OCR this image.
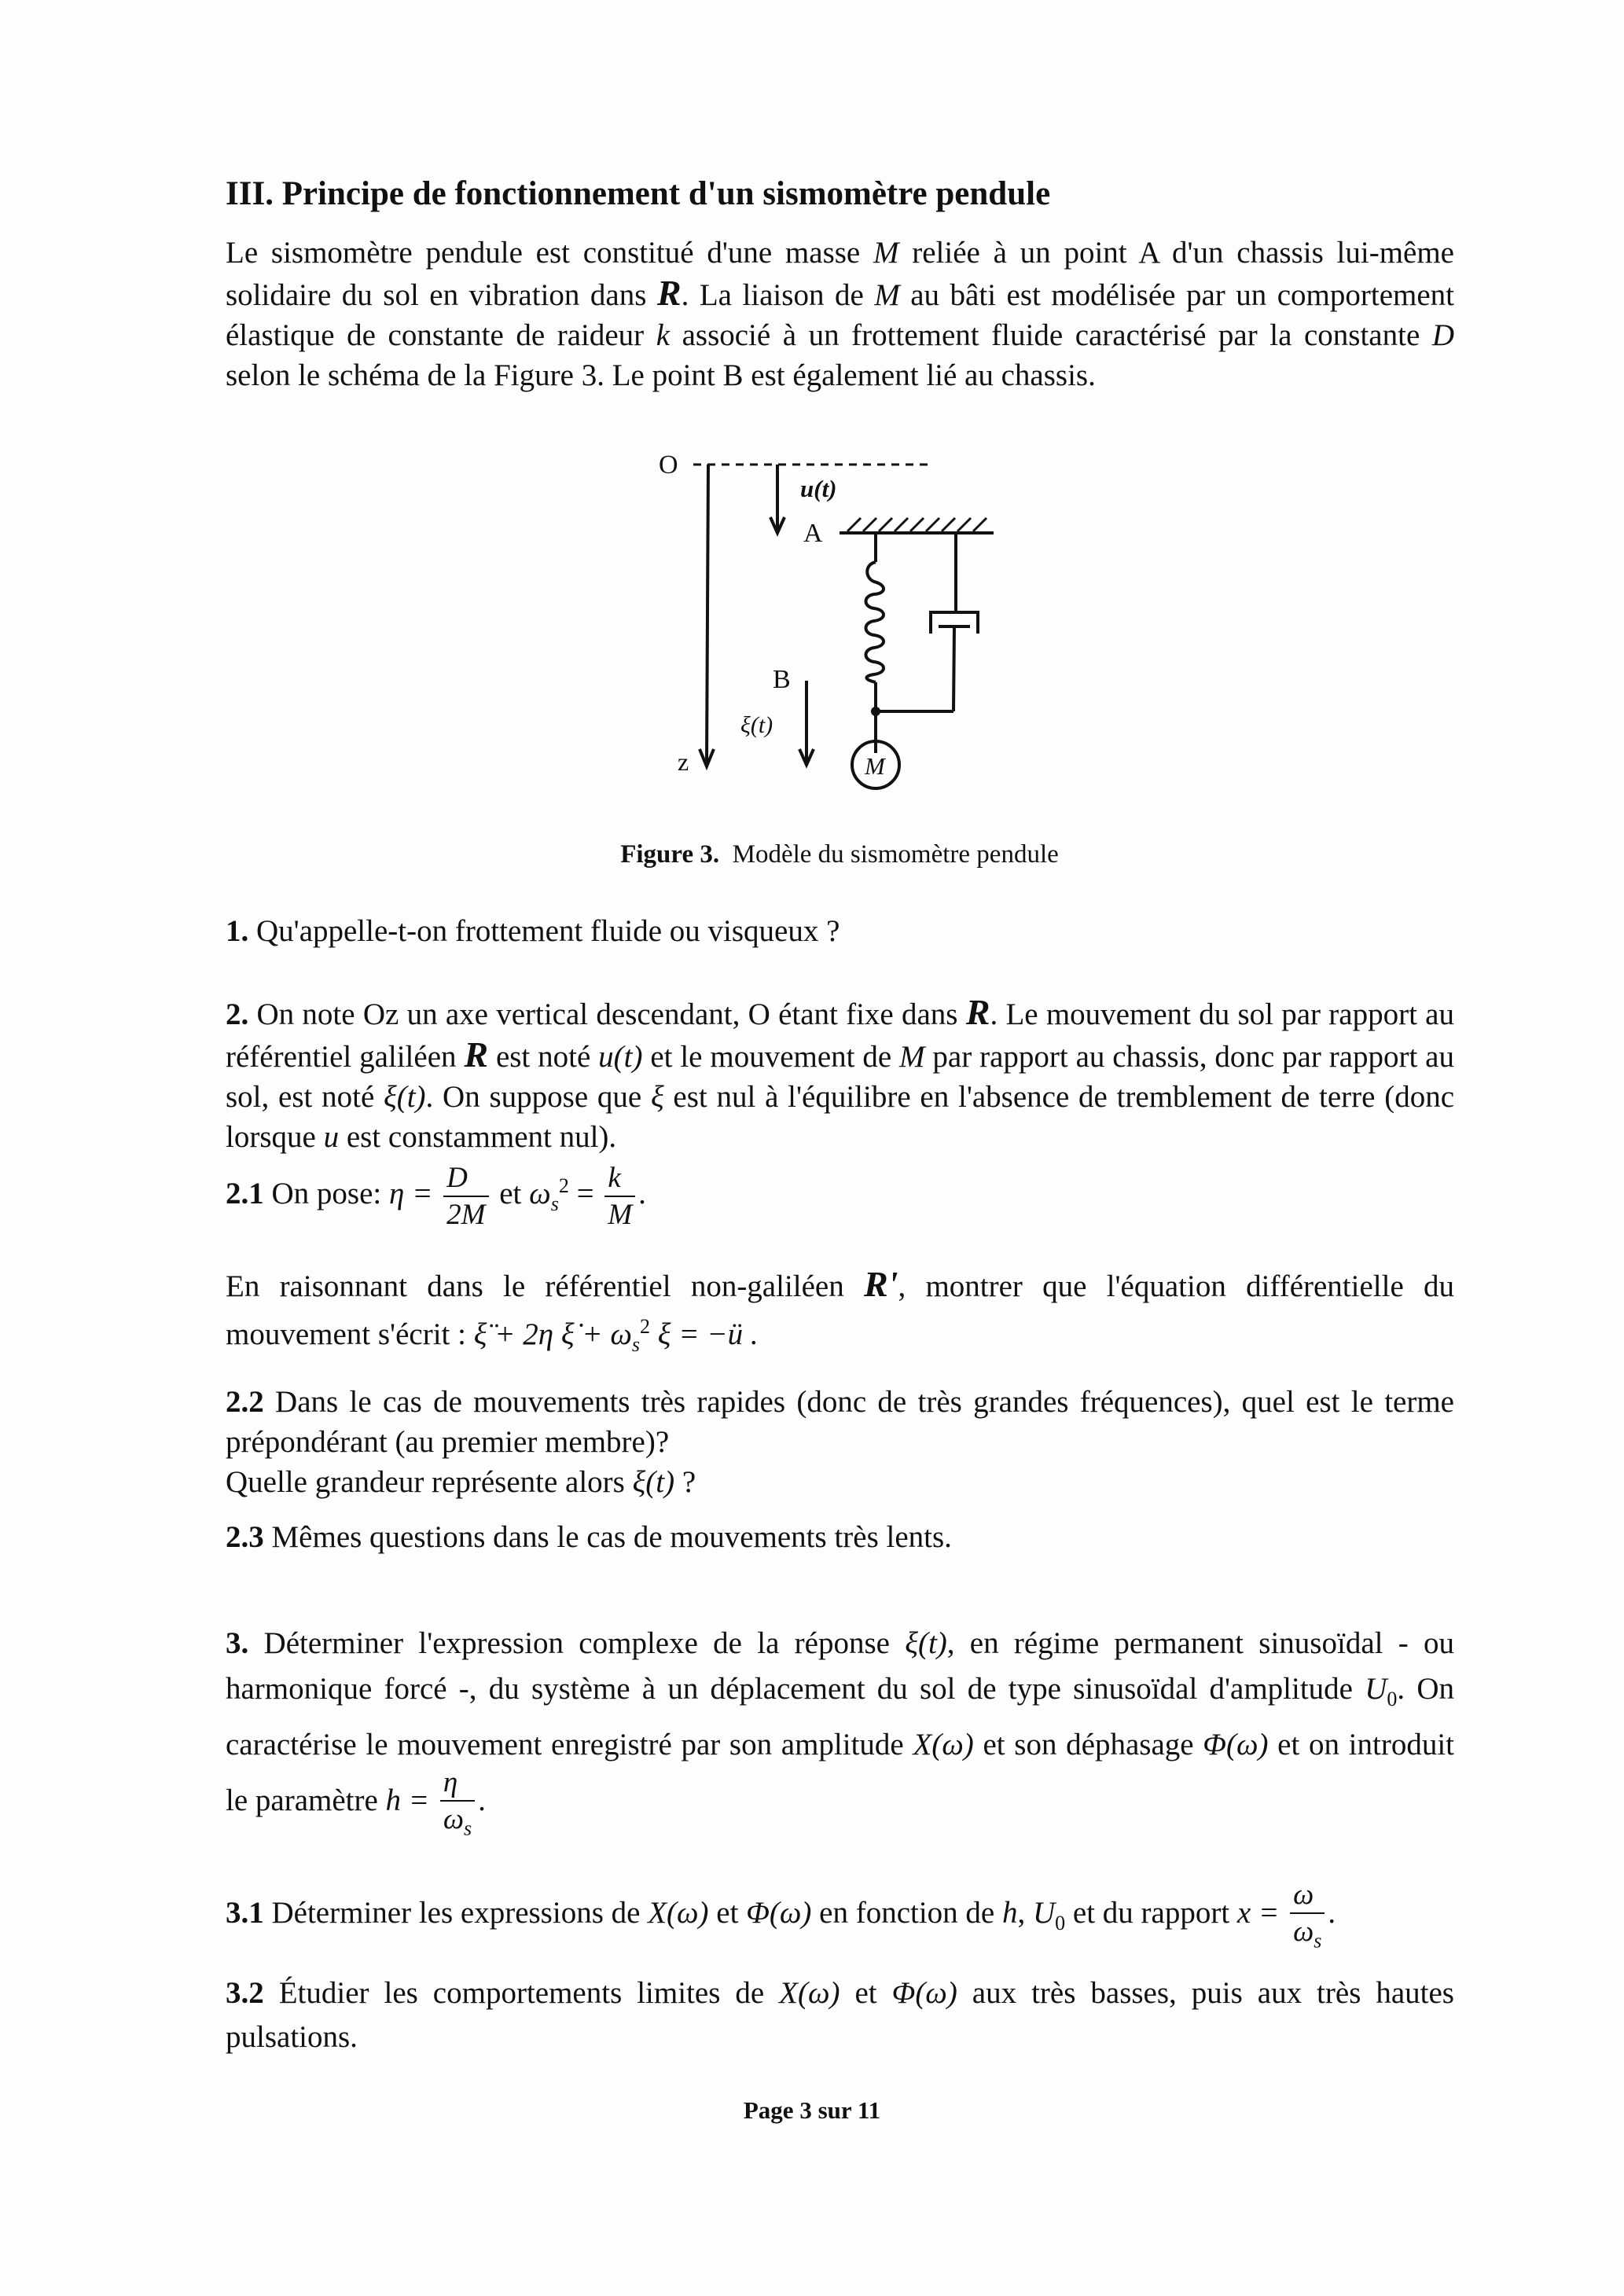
III. Principe de fonctionnement d'un sismomètre pendule
Le sismomètre pendule est constitué d'une masse M reliée à un point A d'un chassis lui-même solidaire du sol en vibration dans R. La liaison de M au bâti est modélisée par un comportement élastique de constante de raideur k associé à un frottement fluide caractérisé par la constante D selon le schéma de la Figure 3. Le point B est également lié au chassis.
O
z
u(t)
A
B
ξ(t)
M
Figure 3. Modèle du sismomètre pendule
1. Qu'appelle-t-on frottement fluide ou visqueux ?
2. On note Oz un axe vertical descendant, O étant fixe dans R. Le mouvement du sol par rapport au référentiel galiléen R est noté u(t) et le mouvement de M par rapport au chassis, donc par rapport au sol, est noté ξ(t). On suppose que ξ est nul à l'équilibre en l'absence de tremblement de terre (donc lorsque u est constamment nul).
2.1 On pose: $\eta = \frac{D}{2M}$ et $\omega_s^2 = \frac{k}{M}$ .
En raisonnant dans le référentiel non-galiléen R', montrer que l'équation différentielle du mouvement s'écrit : ξ̈ + 2η ξ̇ + $\omega_s^2$ ξ = −ü .
2.2 Dans le cas de mouvements très rapides (donc de très grandes fréquences), quel est le terme prépondérant (au premier membre)?
Quelle grandeur représente alors ξ(t) ?
2.3 Mêmes questions dans le cas de mouvements très lents.
3. Déterminer l'expression complexe de la réponse ξ(t), en régime permanent sinusoïdal - ou harmonique forcé -, du système à un déplacement du sol de type sinusoïdal d'amplitude $U_0$. On caractérise le mouvement enregistré par son amplitude X(ω) et son déphasage Φ(ω) et on introduit le paramètre $h = \frac{\eta}{\omega_s}$ .
3.1 Déterminer les expressions de X(ω) et Φ(ω) en fonction de h, $U_0$ et du rapport $x = \frac{\omega}{\omega_s}$ .
3.2 Étudier les comportements limites de X(ω) et Φ(ω) aux très basses, puis aux très hautes pulsations.
Page 3 sur 11
